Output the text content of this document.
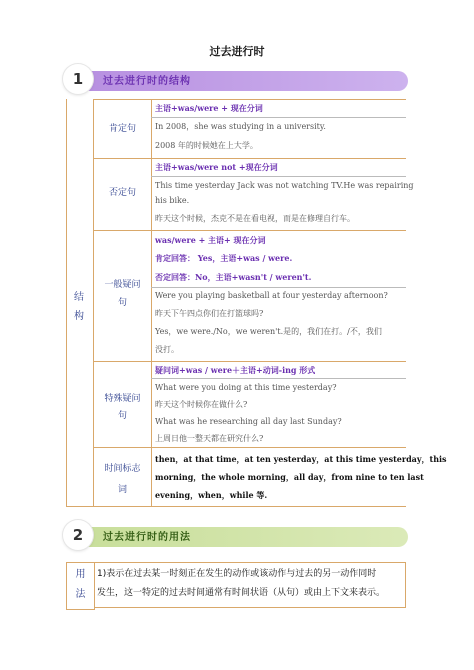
过去进行时
1	过去进行时的结构
结
构
肯定句
主语+was/were + 现在分词
In 2008，she was studying in a university.
2008 年的时候她在上大学。
否定句
主语+was/were not +现在分词
This time yesterday Jack was not watching TV.He was repairing
his bike.
昨天这个时候，杰克不是在看电视，而是在修理自行车。
一般疑问
句
was/were + 主语+ 现在分词
肯定回答： Yes，主语+was / were.
否定回答：No，主语+wasn't / weren't.
Were you playing basketball at four yesterday afternoon?
昨天下午四点你们在打篮球吗?
Yes，we were./No，we weren't.是的，我们在打。/不，我们
没打。
特殊疑问
句
疑问词+was / were＋主语+动词-ing 形式
What were you doing at this time yesterday?
昨天这个时候你在做什么?
What was he researching all day last Sunday?
上周日他一整天都在研究什么?
时间标志
词
then，at that time，at ten yesterday，at this time yesterday，this
morning，the whole morning，all day，from nine to ten last
evening，when，while 等.
2	过去进行时的用法
用
法
1)表示在过去某一时刻正在发生的动作或该动作与过去的另一动作同时
发生，这一特定的过去时间通常有时间状语（从句）或由上下文来表示。
